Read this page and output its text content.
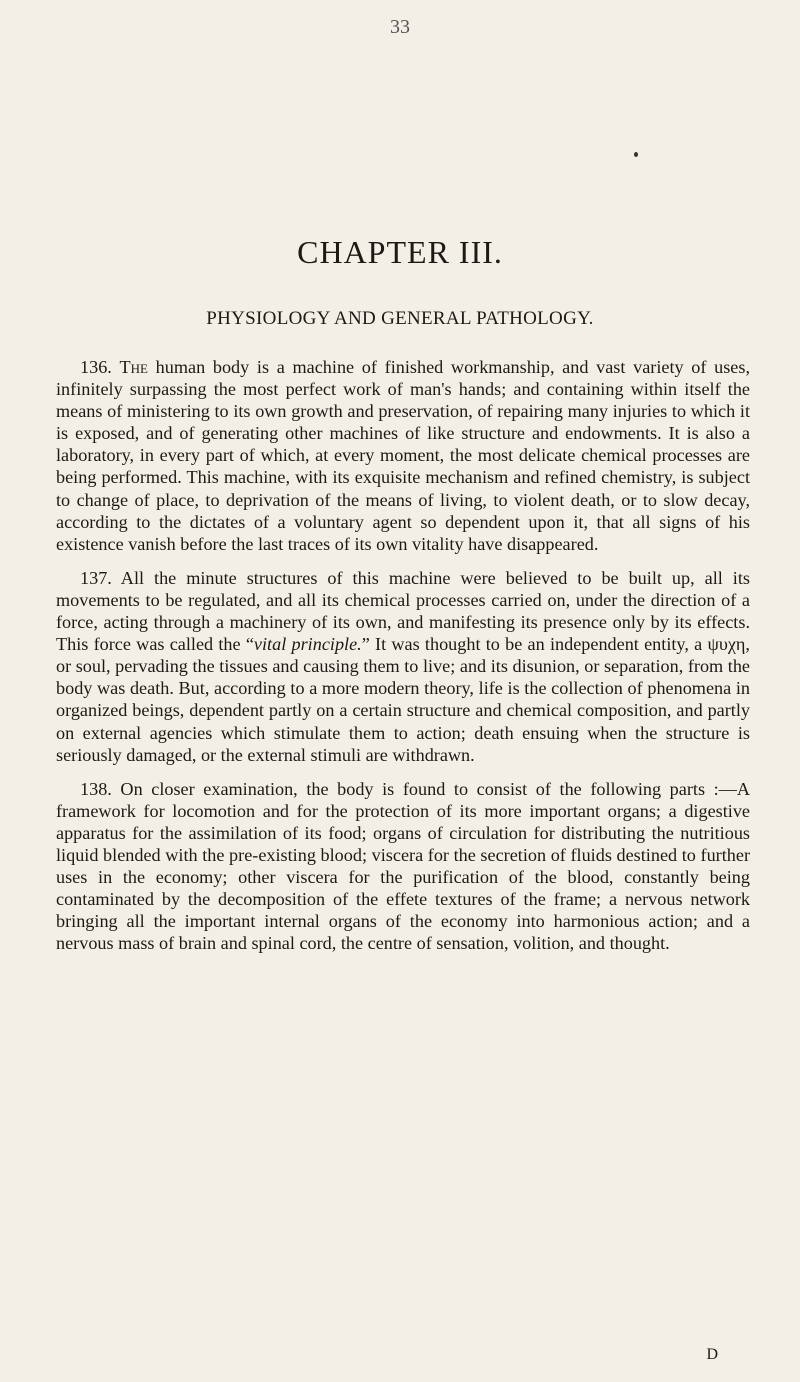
33
CHAPTER III.
PHYSIOLOGY AND GENERAL PATHOLOGY.

136. The human body is a machine of finished workmanship, and vast variety of uses, infinitely surpassing the most perfect work of man's hands; and containing within itself the means of ministering to its own growth and preservation, of repairing many injuries to which it is exposed, and of generating other machines of like structure and endowments. It is also a laboratory, in every part of which, at every moment, the most delicate chemical processes are being performed. This machine, with its exquisite mechanism and refined chemistry, is subject to change of place, to deprivation of the means of living, to violent death, or to slow decay, according to the dictates of a voluntary agent so dependent upon it, that all signs of his existence vanish before the last traces of its own vitality have disappeared.

137. All the minute structures of this machine were believed to be built up, all its movements to be regulated, and all its chemical processes carried on, under the direction of a force, acting through a machinery of its own, and manifesting its presence only by its effects. This force was called the “vital principle.” It was thought to be an independent entity, a ψυχη, or soul, pervading the tissues and causing them to live; and its disunion, or separation, from the body was death. But, according to a more modern theory, life is the collection of phenomena in organized beings, dependent partly on a certain structure and chemical composition, and partly on external agencies which stimulate them to action; death ensuing when the structure is seriously damaged, or the external stimuli are withdrawn.

138. On closer examination, the body is found to consist of the following parts :—A framework for locomotion and for the protection of its more important organs; a digestive apparatus for the assimilation of its food; organs of circulation for distributing the nutritious liquid blended with the pre-existing blood; viscera for the secretion of fluids destined to further uses in the economy; other viscera for the purification of the blood, constantly being contaminated by the decomposition of the effete textures of the frame; a nervous network bringing all the important internal organs of the economy into harmonious action; and a nervous mass of brain and spinal cord, the centre of sensation, volition, and thought.

D
